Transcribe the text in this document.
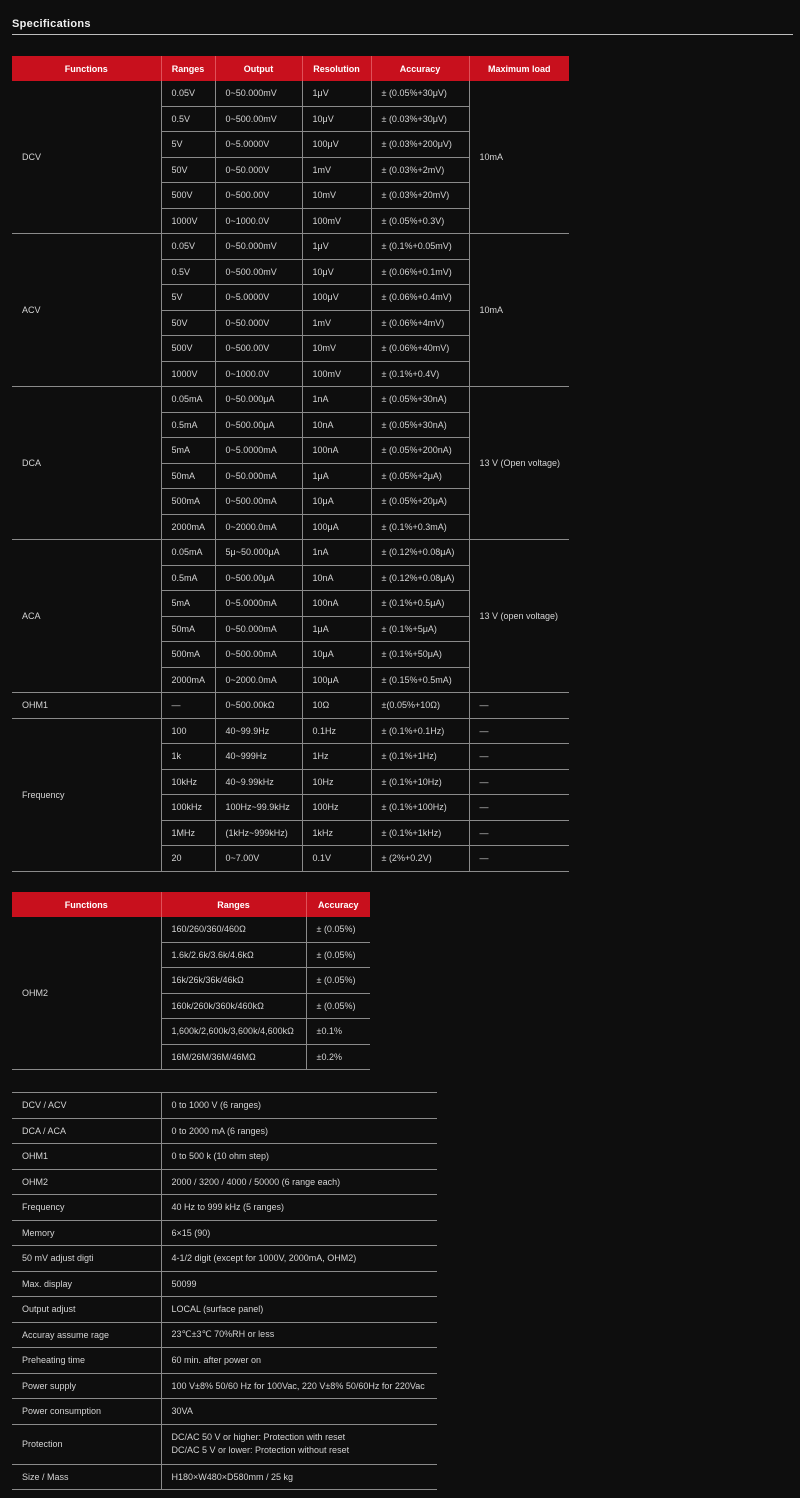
Specifications
Functions	Ranges	Output	Resolution	Accuracy	Maximum load
DCV	0.05V	0~50.000mV	1μV	± (0.05%+30μV)	10mA
	0.5V	0~500.00mV	10μV	± (0.03%+30μV)	
	5V	0~5.0000V	100μV	± (0.03%+200μV)	
	50V	0~50.000V	1mV	± (0.03%+2mV)	
	500V	0~500.00V	10mV	± (0.03%+20mV)	
	1000V	0~1000.0V	100mV	± (0.05%+0.3V)	
ACV	0.05V	0~50.000mV	1μV	± (0.1%+0.05mV)	10mA
	0.5V	0~500.00mV	10μV	± (0.06%+0.1mV)	
	5V	0~5.0000V	100μV	± (0.06%+0.4mV)	
	50V	0~50.000V	1mV	± (0.06%+4mV)	
	500V	0~500.00V	10mV	± (0.06%+40mV)	
	1000V	0~1000.0V	100mV	± (0.1%+0.4V)	
DCA	0.05mA	0~50.000μA	1nA	± (0.05%+30nA)	13 V (Open voltage)
	0.5mA	0~500.00μA	10nA	± (0.05%+30nA)	
	5mA	0~5.0000mA	100nA	± (0.05%+200nA)	
	50mA	0~50.000mA	1μA	± (0.05%+2μA)	
	500mA	0~500.00mA	10μA	± (0.05%+20μA)	
	2000mA	0~2000.0mA	100μA	± (0.1%+0.3mA)	
ACA	0.05mA	5μ~50.000μA	1nA	± (0.12%+0.08μA)	13 V (open voltage)
	0.5mA	0~500.00μA	10nA	± (0.12%+0.08μA)	
	5mA	0~5.0000mA	100nA	± (0.1%+0.5μA)	
	50mA	0~50.000mA	1μA	± (0.1%+5μA)	
	500mA	0~500.00mA	10μA	± (0.1%+50μA)	
	2000mA	0~2000.0mA	100μA	± (0.15%+0.5mA)	
OHM1	—	0~500.00kΩ	10Ω	±(0.05%+10Ω)	—
Frequency	100	40~99.9Hz	0.1Hz	± (0.1%+0.1Hz)	—
	1k	40~999Hz	1Hz	± (0.1%+1Hz)	—
	10kHz	40~9.99kHz	10Hz	± (0.1%+10Hz)	—
	100kHz	100Hz~99.9kHz	100Hz	± (0.1%+100Hz)	—
	1MHz	(1kHz~999kHz)	1kHz	± (0.1%+1kHz)	—
	20	0~7.00V	0.1V	± (2%+0.2V)	—
Functions	Ranges	Accuracy
OHM2	160/260/360/460Ω	± (0.05%)
	1.6k/2.6k/3.6k/4.6kΩ	± (0.05%)
	16k/26k/36k/46kΩ	± (0.05%)
	160k/260k/360k/460kΩ	± (0.05%)
	1,600k/2,600k/3,600k/4,600kΩ	±0.1%
	16M/26M/36M/46MΩ	±0.2%
DCV / ACV	0 to 1000 V (6 ranges)
DCA / ACA	0 to 2000 mA (6 ranges)
OHM1	0 to 500 k (10 ohm step)
OHM2	2000 / 3200 / 4000 / 50000 (6 range each)
Frequency	40 Hz to 999 kHz (5 ranges)
Memory	6×15 (90)
50 mV adjust digti	4-1/2 digit (except for 1000V, 2000mA, OHM2)
Max. display	50099
Output adjust	LOCAL (surface panel)
Accuray assume rage	23℃±3℃ 70%RH or less
Preheating time	60 min. after power on
Power supply	100 V±8% 50/60 Hz for 100Vac, 220 V±8% 50/60Hz for 220Vac
Power consumption	30VA
Protection	DC/AC 50 V or higher: Protection with reset
DC/AC 5 V or lower: Protection without reset

Size / Mass	H180×W480×D580mm / 25 kg
